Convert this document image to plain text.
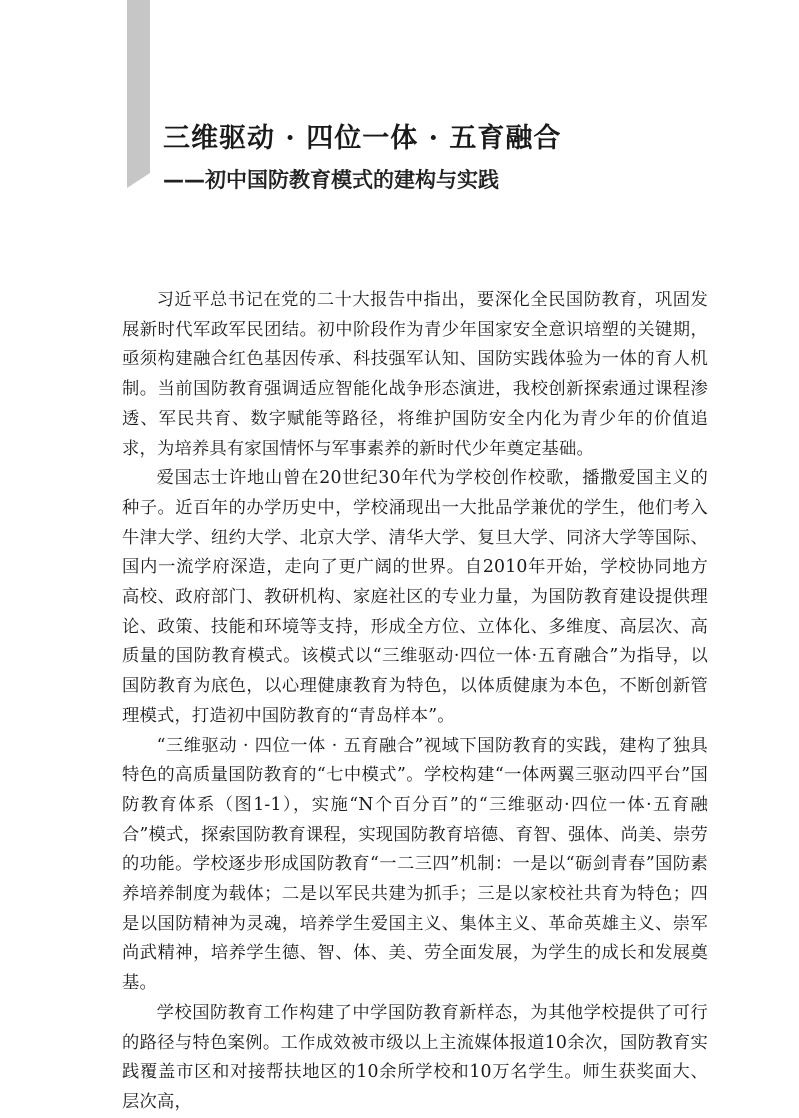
三维驱动 · 四位一体 · 五育融合
——初中国防教育模式的建构与实践

习近平总书记在党的二十大报告中指出，要深化全民国防教育，巩固发展新时代军政军民团结。初中阶段作为青少年国家安全意识培塑的关键期，亟须构建融合红色基因传承、科技强军认知、国防实践体验为一体的育人机制。当前国防教育强调适应智能化战争形态演进，我校创新探索通过课程渗透、军民共育、数字赋能等路径，将维护国防安全内化为青少年的价值追求，为培养具有家国情怀与军事素养的新时代少年奠定基础。

爱国志士许地山曾在20世纪30年代为学校创作校歌，播撒爱国主义的种子。近百年的办学历史中，学校涌现出一大批品学兼优的学生，他们考入牛津大学、纽约大学、北京大学、清华大学、复旦大学、同济大学等国际、国内一流学府深造，走向了更广阔的世界。自2010年开始，学校协同地方高校、政府部门、教研机构、家庭社区的专业力量，为国防教育建设提供理论、政策、技能和环境等支持，形成全方位、立体化、多维度、高层次、高质量的国防教育模式。该模式以“三维驱动·四位一体·五育融合”为指导，以国防教育为底色，以心理健康教育为特色，以体质健康为本色，不断创新管理模式，打造初中国防教育的“青岛样本”。

“三维驱动 · 四位一体 · 五育融合”视域下国防教育的实践，建构了独具特色的高质量国防教育的“七中模式”。学校构建“一体两翼三驱动四平台”国防教育体系（图1-1），实施“N个百分百”的“三维驱动·四位一体·五育融合”模式，探索国防教育课程，实现国防教育培德、育智、强体、尚美、崇劳的功能。学校逐步形成国防教育“一二三四”机制：一是以“砺剑青春”国防素养培养制度为载体；二是以军民共建为抓手；三是以家校社共育为特色；四是以国防精神为灵魂，培养学生爱国主义、集体主义、革命英雄主义、崇军尚武精神，培养学生德、智、体、美、劳全面发展，为学生的成长和发展奠基。

学校国防教育工作构建了中学国防教育新样态，为其他学校提供了可行的路径与特色案例。工作成效被市级以上主流媒体报道10余次，国防教育实践覆盖市区和对接帮扶地区的10余所学校和10万名学生。师生获奖面大、层次高，
